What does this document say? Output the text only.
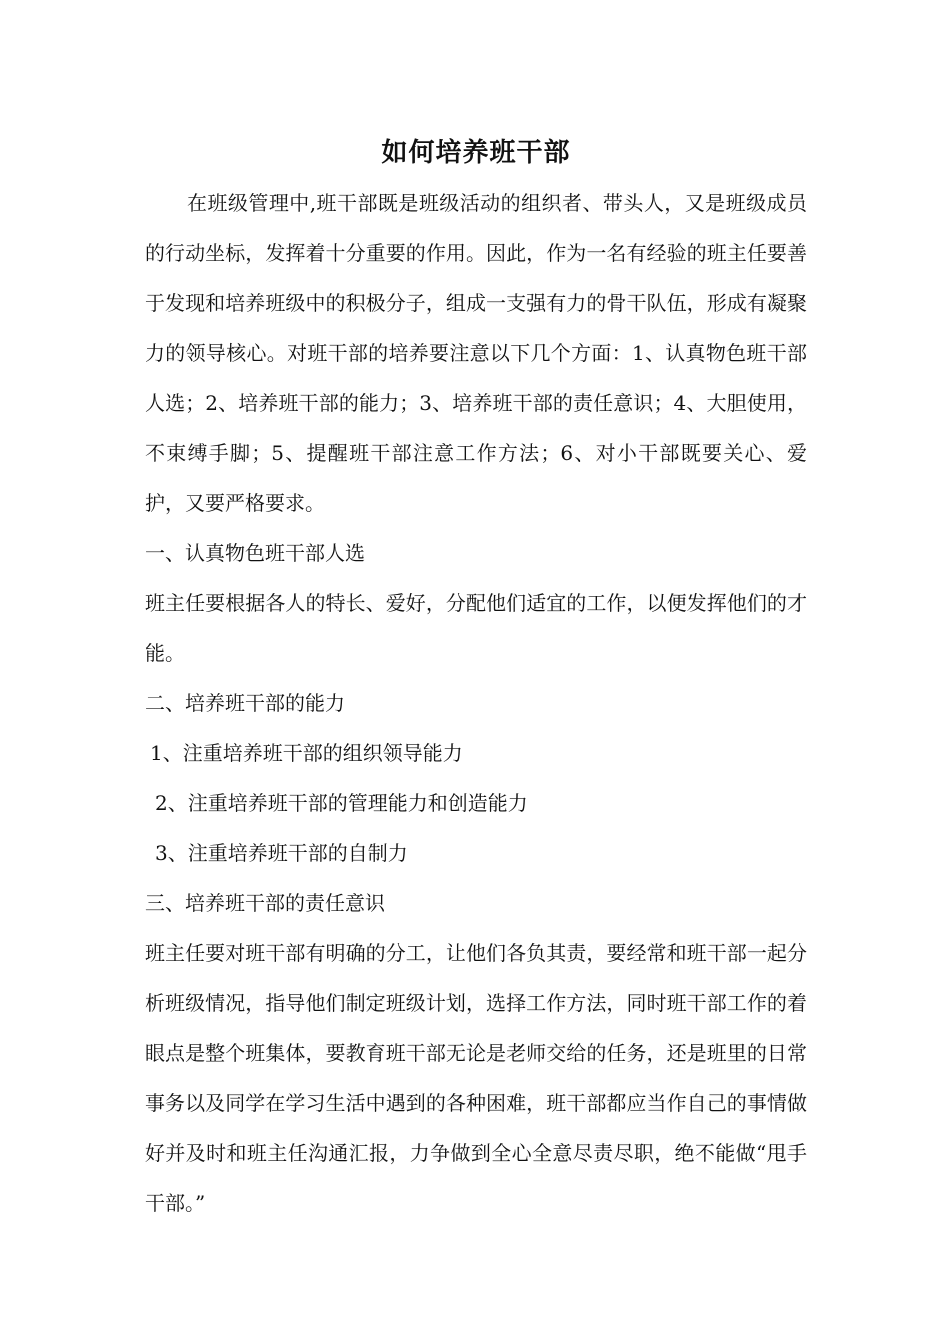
如何培养班干部

在班级管理中,班干部既是班级活动的组织者、带头人，又是班级成员的行动坐标，发挥着十分重要的作用。因此，作为一名有经验的班主任要善于发现和培养班级中的积极分子，组成一支强有力的骨干队伍，形成有凝聚力的领导核心。对班干部的培养要注意以下几个方面：1、认真物色班干部人选；2、培养班干部的能力；3、培养班干部的责任意识；4、大胆使用，不束缚手脚；5、提醒班干部注意工作方法；6、对小干部既要关心、爱护，又要严格要求。

一、认真物色班干部人选

班主任要根据各人的特长、爱好，分配他们适宜的工作，以便发挥他们的才能。

二、培养班干部的能力

1、注重培养班干部的组织领导能力

2、注重培养班干部的管理能力和创造能力

3、注重培养班干部的自制力

三、培养班干部的责任意识

班主任要对班干部有明确的分工，让他们各负其责，要经常和班干部一起分析班级情况，指导他们制定班级计划，选择工作方法，同时班干部工作的着眼点是整个班集体，要教育班干部无论是老师交给的任务，还是班里的日常事务以及同学在学习生活中遇到的各种困难，班干部都应当作自己的事情做好并及时和班主任沟通汇报，力争做到全心全意尽责尽职，绝不能做“甩手干部。”
